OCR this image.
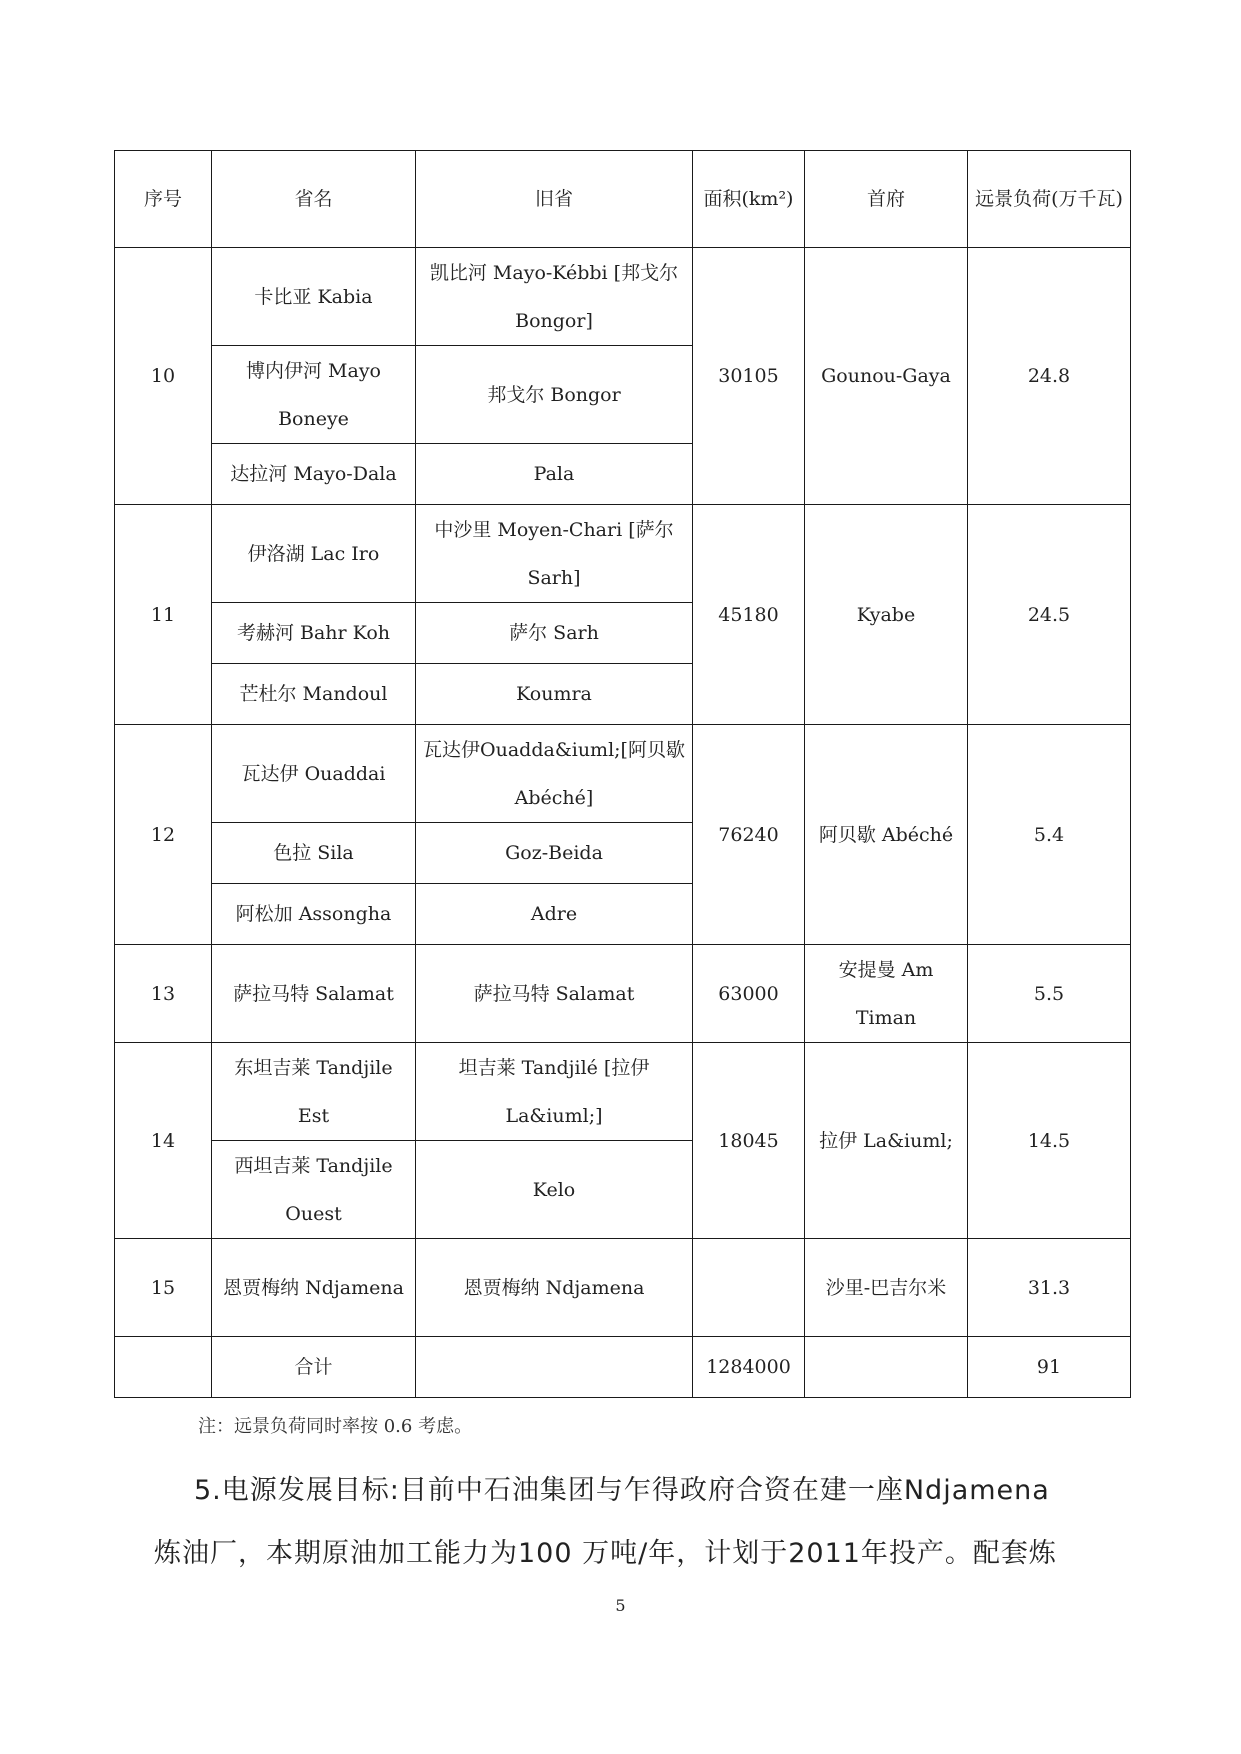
序号	省名	旧省	面积(km²)	首府	远景负荷(万千瓦)
10	卡比亚 Kabia	凯比河 Mayo-Kébbi [邦戈尔 Bongor]	30105	Gounou-Gaya	24.8
	博内伊河 Mayo Boneye	邦戈尔 Bongor			
	达拉河 Mayo-Dala	Pala			
11	伊洛湖 Lac Iro	中沙里 Moyen-Chari [萨尔 Sarh]	45180	Kyabe	24.5
	考赫河 Bahr Koh	萨尔 Sarh			
	芒杜尔 Mandoul	Koumra			
12	瓦达伊 Ouaddai	瓦达伊Ouadda&iuml;[阿贝歇 Abéché]	76240	阿贝歇 Abéché	5.4
	色拉 Sila	Goz-Beida			
	阿松加 Assongha	Adre			
13	萨拉马特 Salamat	萨拉马特 Salamat	63000	安提曼 Am Timan	5.5
14	东坦吉莱 Tandjile Est	坦吉莱 Tandjilé [拉伊 La&iuml;]	18045	拉伊 La&iuml;	14.5
	西坦吉莱 Tandjile Ouest	Kelo			
15	恩贾梅纳 Ndjamena	恩贾梅纳 Ndjamena		沙里-巴吉尔米	31.3
	合计		1284000		91
注：远景负荷同时率按 0.6 考虑。
5.电源发展目标:目前中石油集团与乍得政府合资在建一座Ndjamena
炼油厂，本期原油加工能力为100 万吨/年，计划于2011年投产。配套炼
5
